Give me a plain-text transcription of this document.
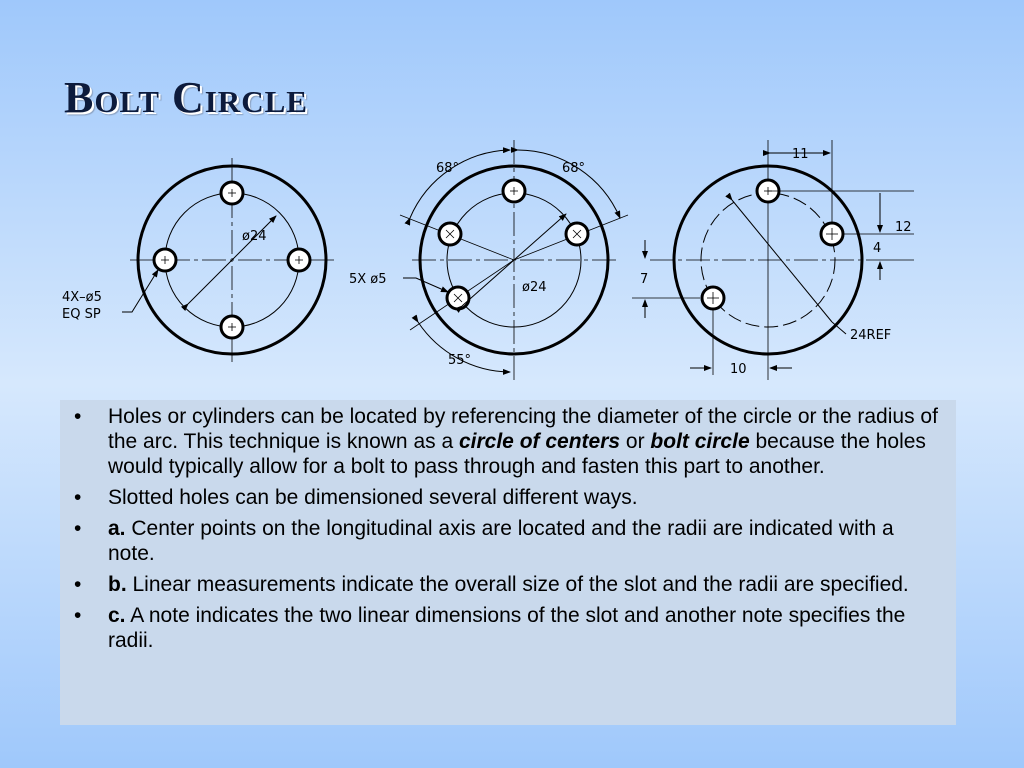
Bolt Circle
ø24
4X–ø5
EQ SP
68°	68°
55°
5X ø5
ø24
11
12
4
7
10
24REF
• Holes or cylinders can be located by referencing the diameter of the circle or the radius of the arc. This technique is known as a circle of centers or bolt circle because the holes would typically allow for a bolt to pass through and fasten this part to another.
• Slotted holes can be dimensioned several different ways.
• a. Center points on the longitudinal axis are located and the radii are indicated with a note.
• b. Linear measurements indicate the overall size of the slot and the radii are specified.
• c. A note indicates the two linear dimensions of the slot and another note specifies the radii.
